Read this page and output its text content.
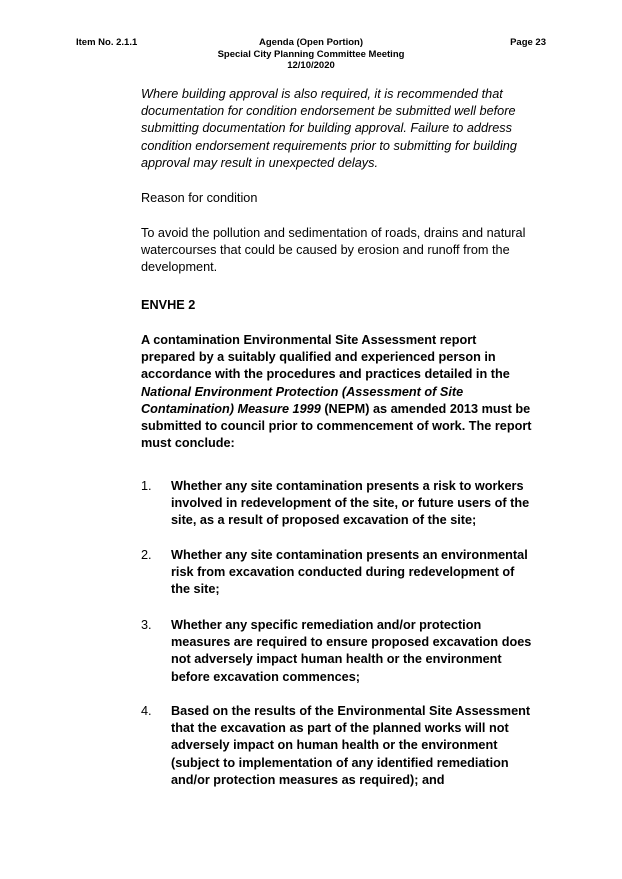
Item No. 2.1.1	Agenda (Open Portion)
Special City Planning Committee Meeting
12/10/2020
Page 23
Where building approval is also required, it is recommended that documentation for condition endorsement be submitted well before submitting documentation for building approval. Failure to address condition endorsement requirements prior to submitting for building approval may result in unexpected delays.
Reason for condition
To avoid the pollution and sedimentation of roads, drains and natural watercourses that could be caused by erosion and runoff from the development.
ENVHE 2
A contamination Environmental Site Assessment report prepared by a suitably qualified and experienced person in accordance with the procedures and practices detailed in the National Environment Protection (Assessment of Site Contamination) Measure 1999 (NEPM) as amended 2013 must be submitted to council prior to commencement of work. The report must conclude:
1. Whether any site contamination presents a risk to workers involved in redevelopment of the site, or future users of the site, as a result of proposed excavation of the site;
2. Whether any site contamination presents an environmental risk from excavation conducted during redevelopment of the site;
3. Whether any specific remediation and/or protection measures are required to ensure proposed excavation does not adversely impact human health or the environment before excavation commences;
4. Based on the results of the Environmental Site Assessment that the excavation as part of the planned works will not adversely impact on human health or the environment (subject to implementation of any identified remediation and/or protection measures as required); and
